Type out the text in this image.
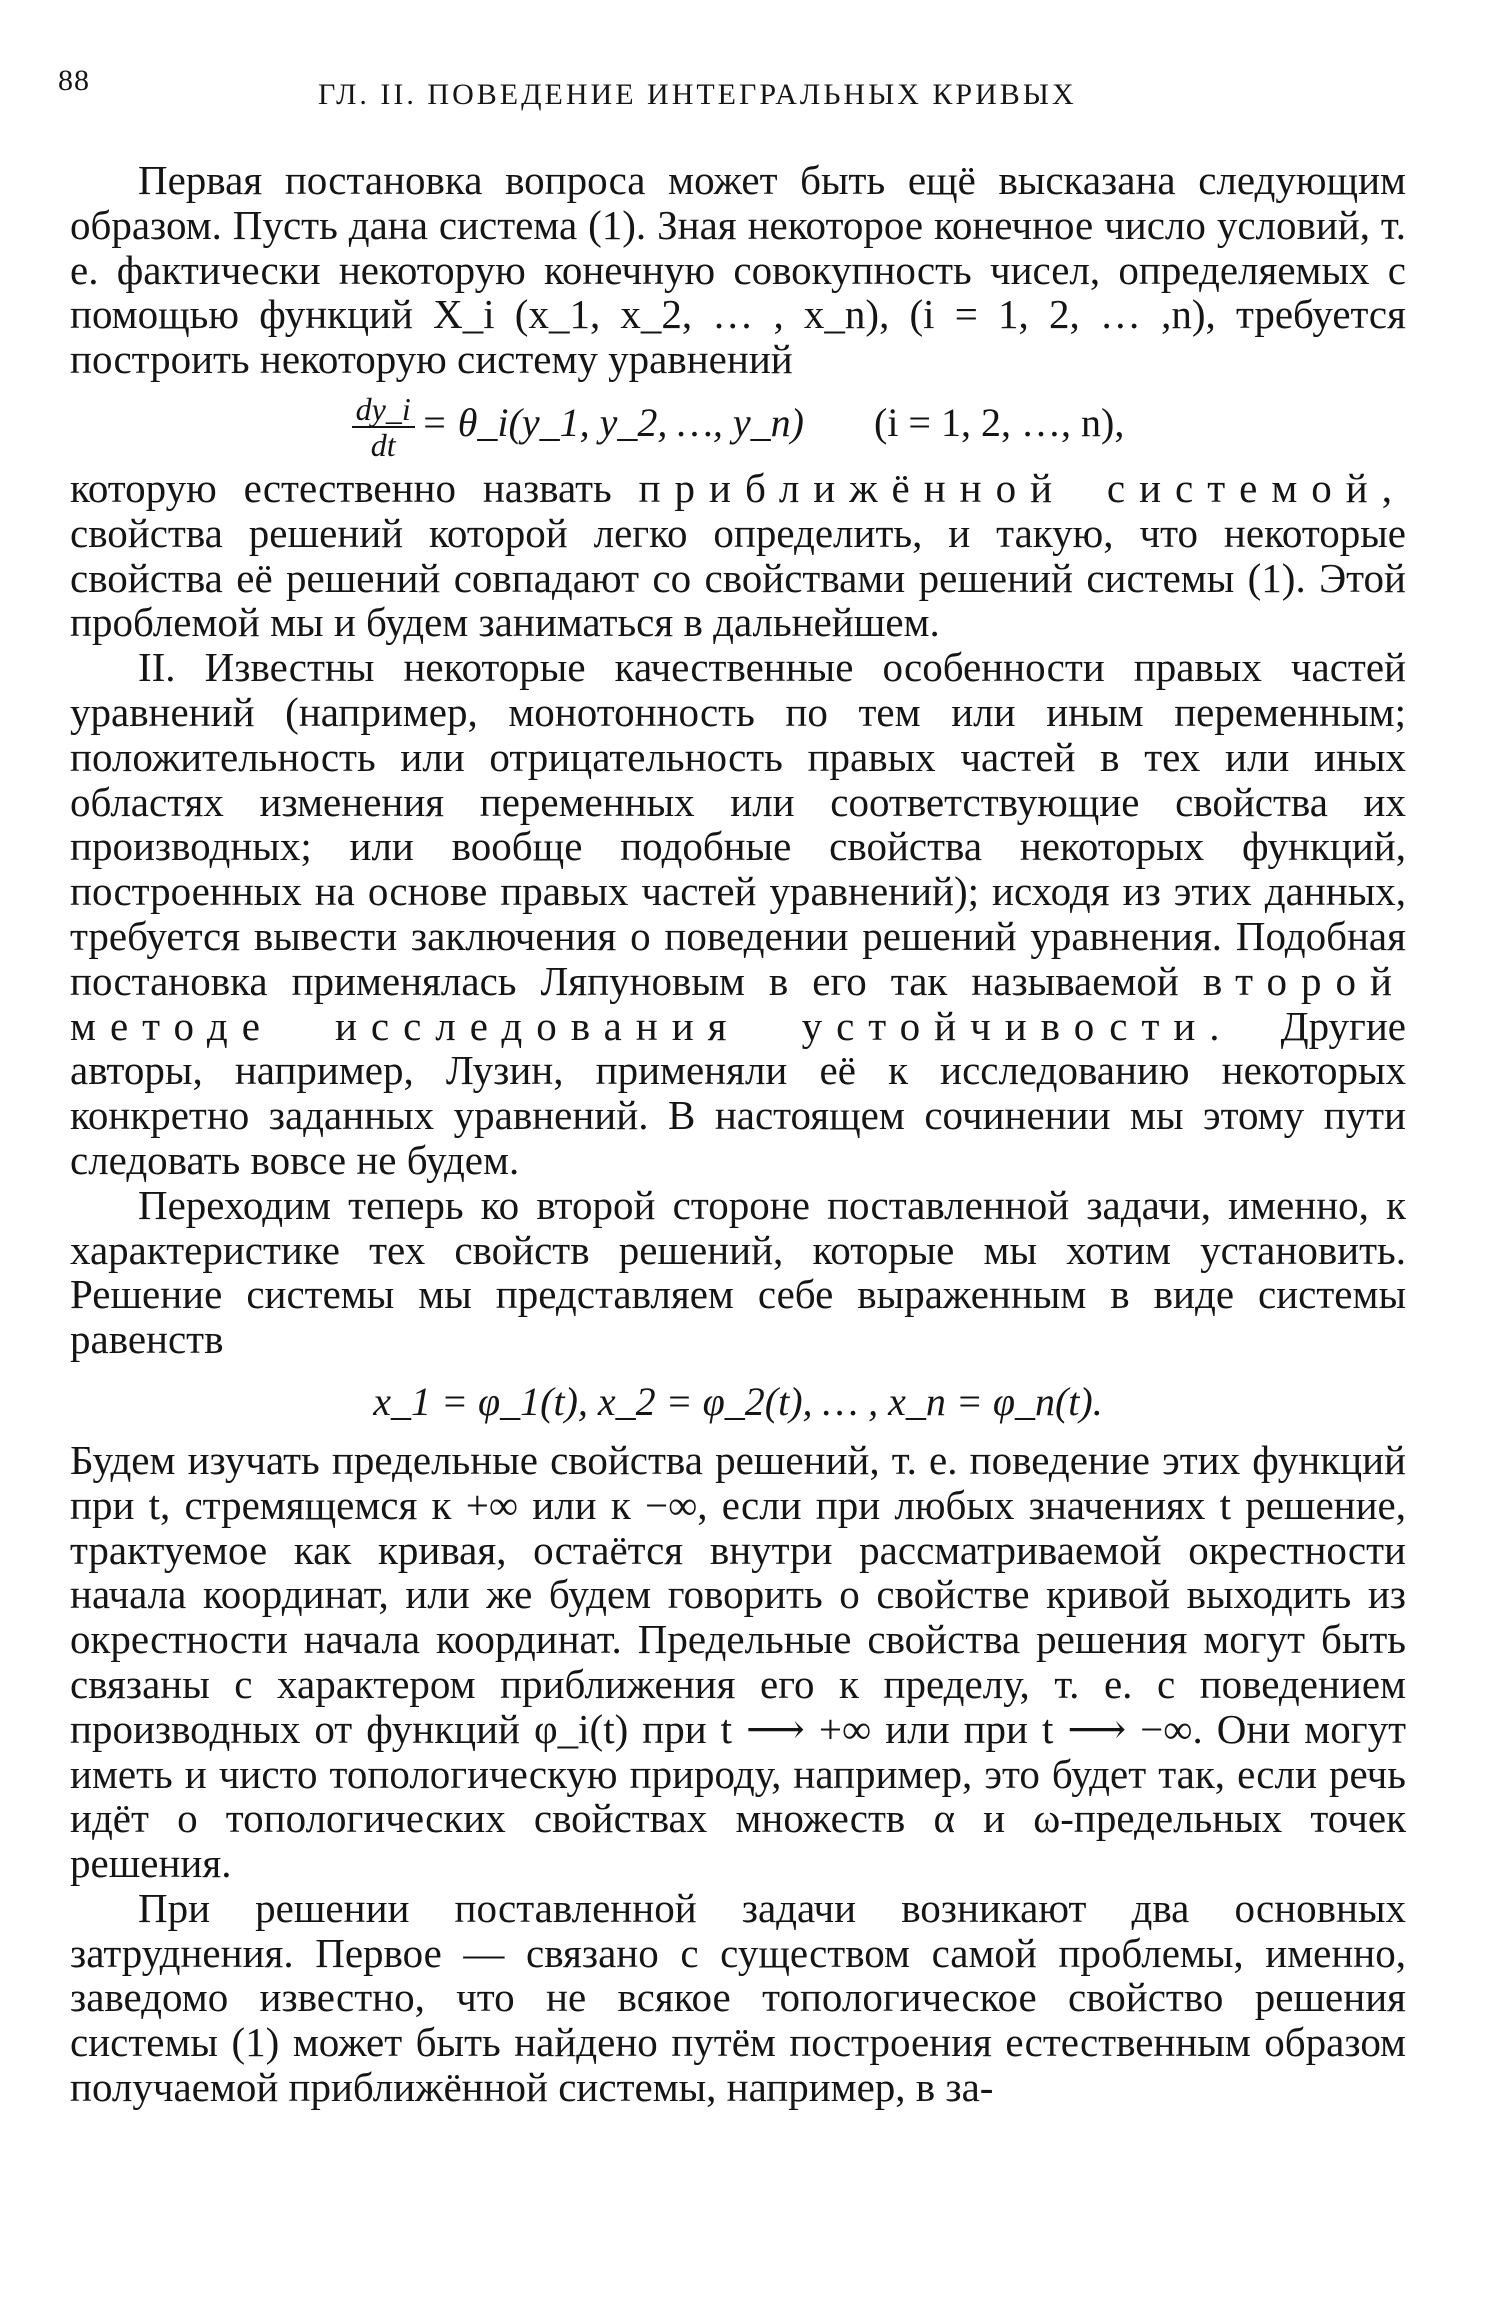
88	ГЛ. II. ПОВЕДЕНИЕ ИНТЕГРАЛЬНЫХ КРИВЫХ

Первая постановка вопроса может быть ещё высказана следующим образом. Пусть дана система (1). Зная некоторое конечное число условий, т. е. фактически некоторую конечную совокупность чисел, определяемых с помощью функций X_i (x_1, x_2, … , x_n), (i = 1, 2, … ,n), требуется построить некоторую систему уравнений

$\frac{dy\_i}{dt}$ = θ_i(y_1, y_2, …, y_n) (i = 1, 2, …, n),

которую естественно назвать приближённой системой, свойства решений которой легко определить, и такую, что некоторые свойства её решений совпадают со свойствами решений системы (1). Этой проблемой мы и будем заниматься в дальнейшем.

II. Известны некоторые качественные особенности правых частей уравнений (например, монотонность по тем или иным переменным; положительность или отрицательность правых частей в тех или иных областях изменения переменных или соответствующие свойства их производных; или вообще подобные свойства некоторых функций, построенных на основе правых частей уравнений); исходя из этих данных, требуется вывести заключения о поведении решений уравнения. Подобная постановка применялась Ляпуновым в его так называемой второй методе исследования устойчивости. Другие авторы, например, Лузин, применяли её к исследованию некоторых конкретно заданных уравнений. В настоящем сочинении мы этому пути следовать вовсе не будем.

Переходим теперь ко второй стороне поставленной задачи, именно, к характеристике тех свойств решений, которые мы хотим установить. Решение системы мы представляем себе выраженным в виде системы равенств

x_1 = φ_1(t), x_2 = φ_2(t), … , x_n = φ_n(t).

Будем изучать предельные свойства решений, т. е. поведение этих функций при t, стремящемся к +∞ или к −∞, если при любых значениях t решение, трактуемое как кривая, остаётся внутри рассматриваемой окрестности начала координат, или же будем говорить о свойстве кривой выходить из окрестности начала координат. Предельные свойства решения могут быть связаны с характером приближения его к пределу, т. е. с поведением производных от функций φ_i(t) при t ⟶ +∞ или при t ⟶ −∞. Они могут иметь и чисто топологическую природу, например, это будет так, если речь идёт о топологических свойствах множеств α и ω-предельных точек решения.

При решении поставленной задачи возникают два основных затруднения. Первое — связано с существом самой проблемы, именно, заведомо известно, что не всякое топологическое свойство решения системы (1) может быть найдено путём построения естественным образом получаемой приближённой системы, например, в за-
